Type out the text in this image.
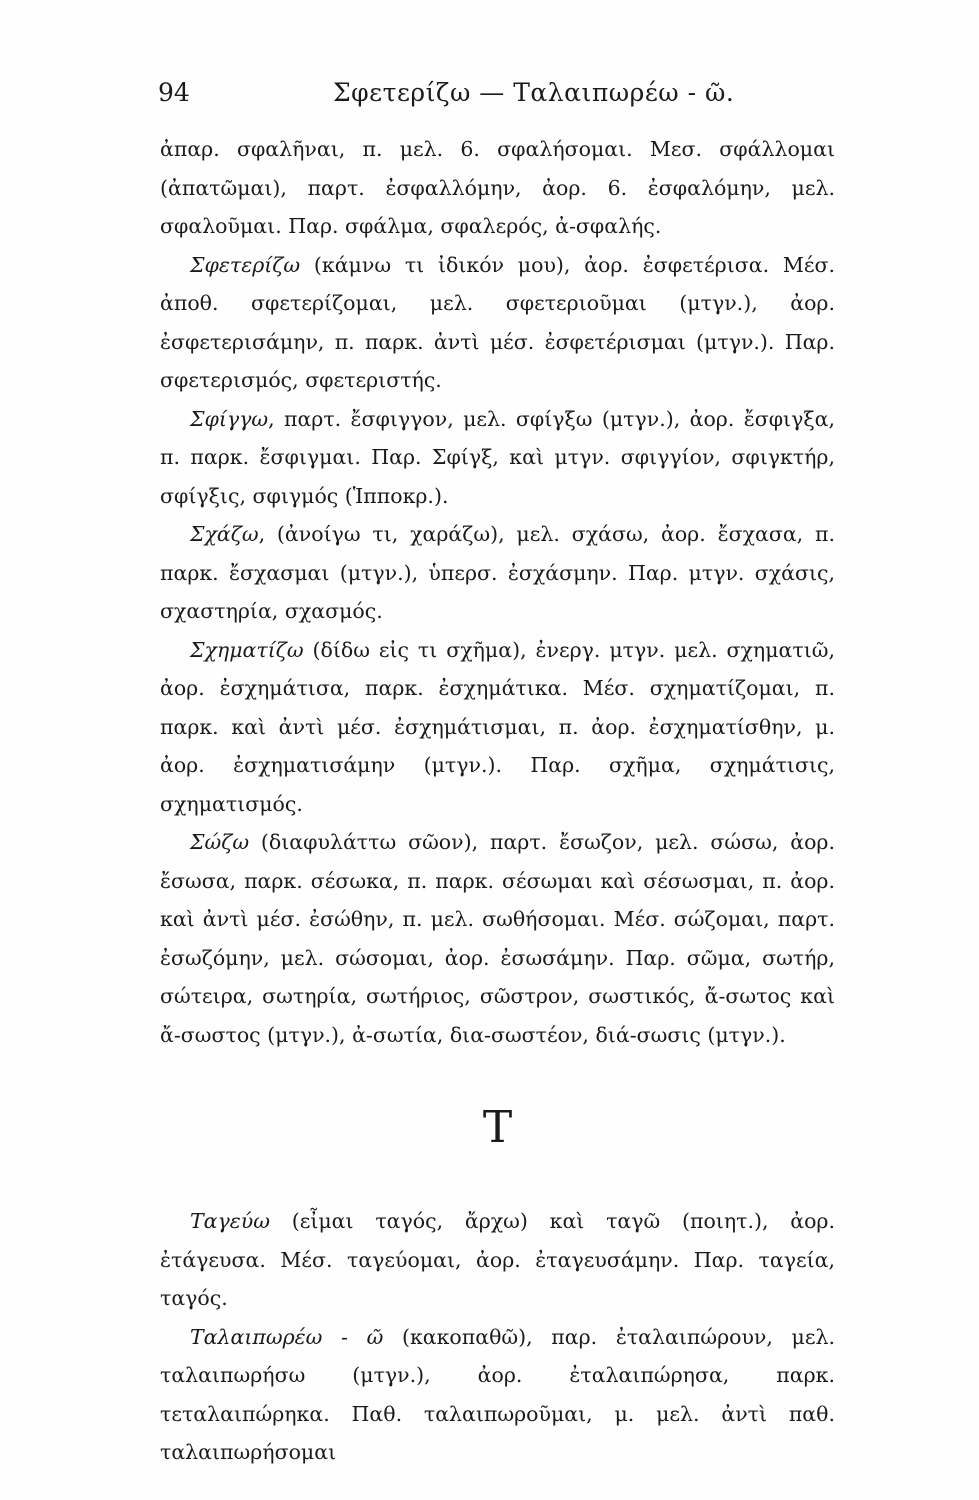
94	Σφετερίζω — Ταλαιπωρέω - ῶ.

ἀπαρ. σφαλῆναι, π. μελ. 6. σφαλήσομαι. Μεσ. σφάλλομαι (ἀπατῶμαι), παρτ. ἐσφαλλόμην, ἀορ. 6. ἐσφαλόμην, μελ. σφαλοῦμαι. Παρ. σφάλμα, σφαλερός, ἀ-σφαλής.

Σφετερίζω (κάμνω τι ἰδικόν μου), ἀορ. ἐσφετέρισα. Μέσ. ἀποθ. σφετερίζομαι, μελ. σφετεριοῦμαι (μτγν.), ἀορ. ἐσφετερισάμην, π. παρκ. ἀντὶ μέσ. ἐσφετέρισμαι (μτγν.). Παρ. σφετερισμός, σφετεριστής.

Σφίγγω, παρτ. ἔσφιγγον, μελ. σφίγξω (μτγν.), ἀορ. ἔσφιγξα, π. παρκ. ἔσφιγμαι. Παρ. Σφίγξ, καὶ μτγν. σφιγγίον, σφιγκτήρ, σφίγξις, σφιγμός (Ἱπποκρ.).

Σχάζω, (ἀνοίγω τι, χαράζω), μελ. σχάσω, ἀορ. ἔσχασα, π. παρκ. ἔσχασμαι (μτγν.), ὑπερσ. ἐσχάσμην. Παρ. μτγν. σχάσις, σχαστηρία, σχασμός.

Σχηματίζω (δίδω εἰς τι σχῆμα), ἐνεργ. μτγν. μελ. σχηματιῶ, ἀορ. ἐσχημάτισα, παρκ. ἐσχημάτικα. Μέσ. σχηματίζομαι, π. παρκ. καὶ ἀντὶ μέσ. ἐσχημάτισμαι, π. ἀορ. ἐσχηματίσθην, μ. ἀορ. ἐσχηματισάμην (μτγν.). Παρ. σχῆμα, σχημάτισις, σχηματισμός.

Σώζω (διαφυλάττω σῶον), παρτ. ἔσωζον, μελ. σώσω, ἀορ. ἔσωσα, παρκ. σέσωκα, π. παρκ. σέσωμαι καὶ σέσωσμαι, π. ἀορ. καὶ ἀντὶ μέσ. ἐσώθην, π. μελ. σωθήσομαι. Μέσ. σώζομαι, παρτ. ἐσωζόμην, μελ. σώσομαι, ἀορ. ἐσωσάμην. Παρ. σῶμα, σωτήρ, σώτειρα, σωτηρία, σωτήριος, σῶστρον, σωστικός, ἄ-σωτος καὶ ἄ-σωστος (μτγν.), ἀ-σωτία, δια-σωστέον, διά-σωσις (μτγν.).

Τ

Ταγεύω (εἶμαι ταγός, ἄρχω) καὶ ταγῶ (ποιητ.), ἀορ. ἐτάγευσα. Μέσ. ταγεύομαι, ἀορ. ἐταγευσάμην. Παρ. ταγεία, ταγός.

Ταλαιπωρέω - ῶ (κακοπαθῶ), παρ. ἐταλαιπώρουν, μελ. ταλαιπωρήσω (μτγν.), ἀορ. ἐταλαιπώρησα, παρκ. τεταλαιπώρηκα. Παθ. ταλαιπωροῦμαι, μ. μελ. ἀντὶ παθ. ταλαιπωρήσομαι
